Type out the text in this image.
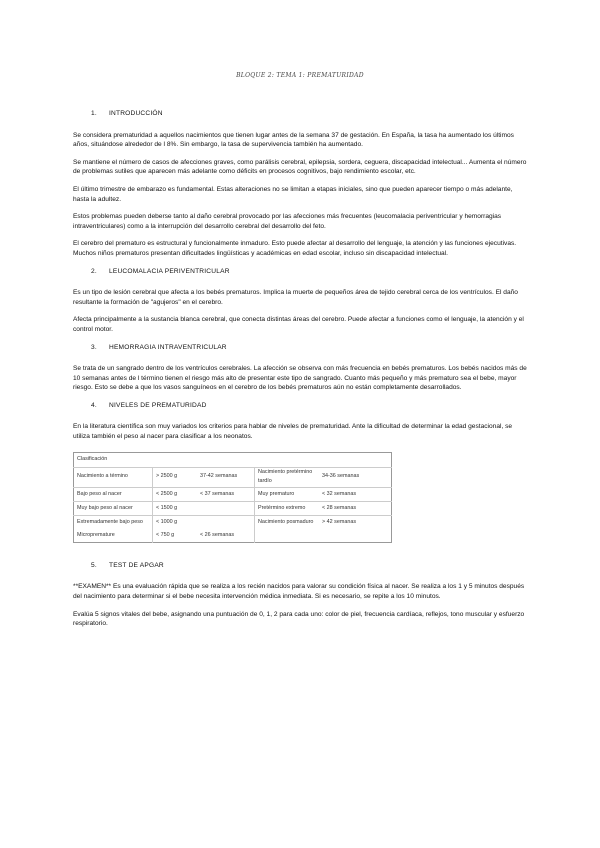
BLOQUE 2: TEMA 1: PREMATURIDAD
1. INTRODUCCIÓN

Se considera prematuridad a aquellos nacimientos que tienen lugar antes de la semana 37 de gestación. En España, la tasa ha aumentado los últimos años, situándose alrededor de l 8%. Sin embargo, la tasa de supervivencia también ha aumentado.

Se mantiene el número de casos de afecciones graves, como parálisis cerebral, epilepsia, sordera, ceguera, discapacidad intelectual... Aumenta el número de problemas sutiles que aparecen más adelante como déficits en procesos cognitivos, bajo rendimiento escolar, etc.

El último trimestre de embarazo es fundamental. Estas alteraciones no se limitan a etapas iniciales, sino que pueden aparecer tiempo o más adelante, hasta la adultez.

Estos problemas pueden deberse tanto al daño cerebral provocado por las afecciones más frecuentes (leucomalacia periventricular y hemorragias intraventriculares) como a la interrupción del desarrollo cerebral del desarrollo del feto.

El cerebro del prematuro es estructural y funcionalmente inmaduro. Esto puede afectar al desarrollo del lenguaje, la atención y las funciones ejecutivas. Muchos niños prematuros presentan dificultades lingüísticas y académicas en edad escolar, incluso sin discapacidad intelectual.

2. LEUCOMALACIA PERIVENTRICULAR

Es un tipo de lesión cerebral que afecta a los bebés prematuros. Implica la muerte de pequeños área de tejido cerebral cerca de los ventrículos. El daño resultante la formación de "agujeros" en el cerebro.

Afecta principalmente a la sustancia blanca cerebral, que conecta distintas áreas del cerebro. Puede afectar a funciones como el lenguaje, la atención y el control motor.

3. HEMORRAGIA INTRAVENTRICULAR

Se trata de un sangrado dentro de los ventrículos cerebrales. La afección se observa con más frecuencia en bebés prematuros. Los bebés nacidos más de 10 semanas antes de l término tienen el riesgo más alto de presentar este tipo de sangrado. Cuanto más pequeño y más prematuro sea el bebe, mayor riesgo. Esto se debe a que los vasos sanguíneos en el cerebro de los bebés prematuros aún no están completamente desarrollados.

4. NIVELES DE PREMATURIDAD

En la literatura científica son muy variados los criterios para hablar de niveles de prematuridad. Ante la dificultad de determinar la edad gestacional, se utiliza también el peso al nacer para clasificar a los neonatos.

Clasificación				
Nacimiento a término	> 2500 g	37-42 semanas	Nacimiento pretérmino tardío	34-36 semanas
Bajo peso al nacer	< 2500 g	< 37 semanas	Muy prematuro	< 32 semanas
Muy bajo peso al nacer	< 1500 g		Pretérmino extremo	< 28 semanas
Extremadamente bajo peso	< 1000 g		Nacimiento posmaduro	> 42 semanas
Micropremature	< 750 g	< 26 semanas		
5. TEST DE APGAR

**EXAMEN** Es una evaluación rápida que se realiza a los recién nacidos para valorar su condición física al nacer. Se realiza a los 1 y 5 minutos después del nacimiento para determinar si el bebe necesita intervención médica inmediata. Si es necesario, se repite a los 10 minutos.

Evalúa 5 signos vitales del bebe, asignando una puntuación de 0, 1, 2 para cada uno: color de piel, frecuencia cardíaca, reflejos, tono muscular y esfuerzo respiratorio.
